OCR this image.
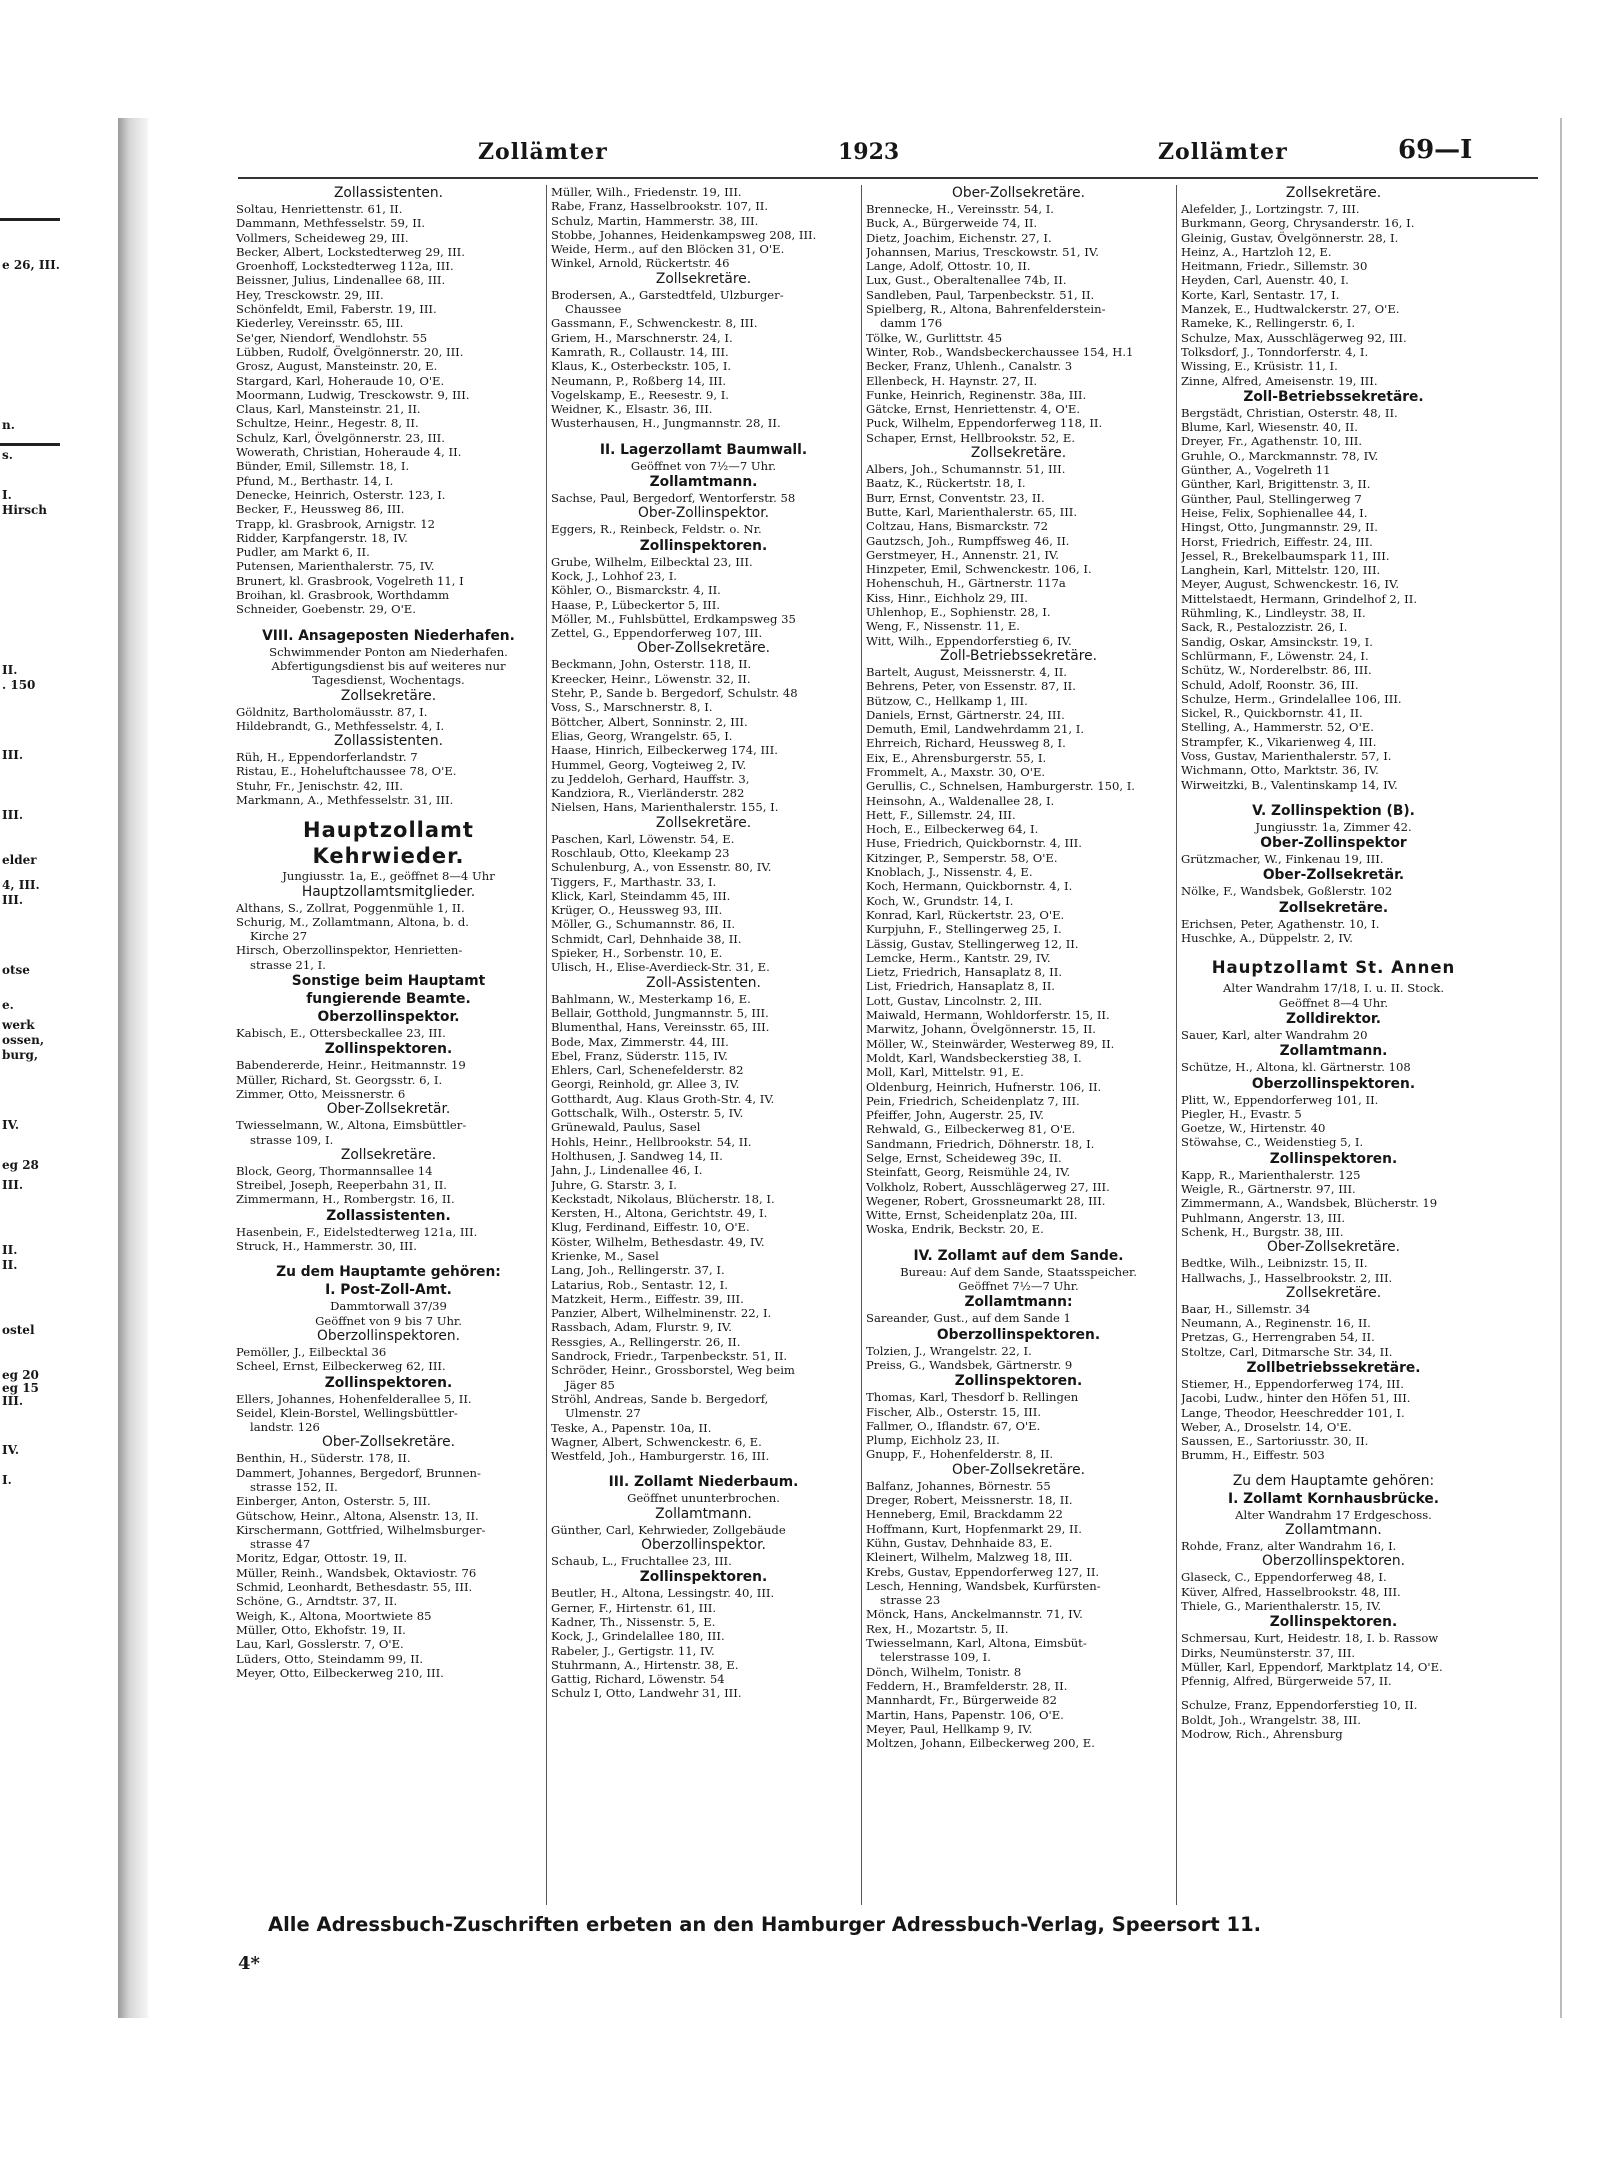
e 26, III.
n.
s.
I.
Hirsch
II.
. 150
III.
III.
elder
4, III.
III.
otse
e.
werk
ossen,
burg,
IV.
eg 28
III.
II.
II.
ostel
eg 20
eg 15
III.
IV.
I.
Zollämter	1923	Zollämter	69—I
Zollassistenten.
Soltau, Henriettenstr. 61, II.
Dammann, Methfesselstr. 59, II.
Vollmers, Scheideweg 29, III.
Becker, Albert, Lockstedterweg 29, III.
Groenhoff, Lockstedterweg 112a, III.
Beissner, Julius, Lindenallee 68, III.
Hey, Tresckowstr. 29, III.
Schönfeldt, Emil, Faberstr. 19, III.
Kiederley, Vereinsstr. 65, III.
Se'ger, Niendorf, Wendlohstr. 55
Lübben, Rudolf, Övelgönnerstr. 20, III.
Grosz, August, Mansteinstr. 20, E.
Stargard, Karl, Hoheraude 10, O'E.
Moormann, Ludwig, Tresckowstr. 9, III.
Claus, Karl, Mansteinstr. 21, II.
Schultze, Heinr., Hegestr. 8, II.
Schulz, Karl, Övelgönnerstr. 23, III.
Wowerath, Christian, Hoheraude 4, II.
Bünder, Emil, Sillemstr. 18, I.
Pfund, M., Berthastr. 14, I.
Denecke, Heinrich, Osterstr. 123, I.
Becker, F., Heussweg 86, III.
Trapp, kl. Grasbrook, Arnigstr. 12
Ridder, Karpfangerstr. 18, IV.
Pudler, am Markt 6, II.
Putensen, Marienthalerstr. 75, IV.
Brunert, kl. Grasbrook, Vogelreth 11, I
Broihan, kl. Grasbrook, Worthdamm
Schneider, Goebenstr. 29, O'E.
VIII. Ansageposten Niederhafen.
Schwimmender Ponton am Niederhafen.
Abfertigungsdienst bis auf weiteres nur
Tagesdienst, Wochentags.
Zollsekretäre.
Göldnitz, Bartholomäusstr. 87, I.
Hildebrandt, G., Methfesselstr. 4, I.
Zollassistenten.
Rüh, H., Eppendorferlandstr. 7
Ristau, E., Hoheluftchaussee 78, O'E.
Stuhr, Fr., Jenischstr. 42, III.
Markmann, A., Methfesselstr. 31, III.
Hauptzollamt
Kehrwieder.
Jungiusstr. 1a, E., geöffnet 8—4 Uhr
Hauptzollamtsmitglieder.
Althans, S., Zollrat, Poggenmühle 1, II.
Schurig, M., Zollamtmann, Altona, b. d.
Kirche 27
Hirsch, Oberzollinspektor, Henrietten-
strasse 21, I.
Sonstige beim Hauptamt
fungierende Beamte.
Oberzollinspektor.
Kabisch, E., Ottersbeckallee 23, III.
Zollinspektoren.
Babendererde, Heinr., Heitmannstr. 19
Müller, Richard, St. Georgsstr. 6, I.
Zimmer, Otto, Meissnerstr. 6
Ober-Zollsekretär.
Twiesselmann, W., Altona, Eimsbüttler-
strasse 109, I.
Zollsekretäre.
Block, Georg, Thormannsallee 14
Streibel, Joseph, Reeperbahn 31, II.
Zimmermann, H., Rombergstr. 16, II.
Zollassistenten.
Hasenbein, F., Eidelstedterweg 121a, III.
Struck, H., Hammerstr. 30, III.
Zu dem Hauptamte gehören:
I. Post-Zoll-Amt.
Dammtorwall 37/39
Geöffnet von 9 bis 7 Uhr.
Oberzollinspektoren.
Pemöller, J., Eilbecktal 36
Scheel, Ernst, Eilbeckerweg 62, III.
Zollinspektoren.
Ellers, Johannes, Hohenfelderallee 5, II.
Seidel, Klein-Borstel, Wellingsbüttler-
landstr. 126
Ober-Zollsekretäre.
Benthin, H., Süderstr. 178, II.
Dammert, Johannes, Bergedorf, Brunnen-
strasse 152, II.
Einberger, Anton, Osterstr. 5, III.
Gütschow, Heinr., Altona, Alsenstr. 13, II.
Kirschermann, Gottfried, Wilhelmsburger-
strasse 47
Moritz, Edgar, Ottostr. 19, II.
Müller, Reinh., Wandsbek, Oktaviostr. 76
Schmid, Leonhardt, Bethesdastr. 55, III.
Schöne, G., Arndtstr. 37, II.
Weigh, K., Altona, Moortwiete 85
Müller, Otto, Ekhofstr. 19, II.
Lau, Karl, Gosslerstr. 7, O'E.
Lüders, Otto, Steindamm 99, II.
Meyer, Otto, Eilbeckerweg 210, III.
Müller, Wilh., Friedenstr. 19, III.
Rabe, Franz, Hasselbrookstr. 107, II.
Schulz, Martin, Hammerstr. 38, III.
Stobbe, Johannes, Heidenkampsweg 208, III.
Weide, Herm., auf den Blöcken 31, O'E.
Winkel, Arnold, Rückertstr. 46
Zollsekretäre.
Brodersen, A., Garstedtfeld, Ulzburger-
Chaussee
Gassmann, F., Schwenckestr. 8, III.
Griem, H., Marschnerstr. 24, I.
Kamrath, R., Collaustr. 14, III.
Klaus, K., Osterbeckstr. 105, I.
Neumann, P., Roßberg 14, III.
Vogelskamp, E., Reesestr. 9, I.
Weidner, K., Elsastr. 36, III.
Wusterhausen, H., Jungmannstr. 28, II.
II. Lagerzollamt Baumwall.
Geöffnet von 7½—7 Uhr.
Zollamtmann.
Sachse, Paul, Bergedorf, Wentorferstr. 58
Ober-Zollinspektor.
Eggers, R., Reinbeck, Feldstr. o. Nr.
Zollinspektoren.
Grube, Wilhelm, Eilbecktal 23, III.
Kock, J., Lohhof 23, I.
Köhler, O., Bismarckstr. 4, II.
Haase, P., Lübeckertor 5, III.
Möller, M., Fuhlsbüttel, Erdkampsweg 35
Zettel, G., Eppendorferweg 107, III.
Ober-Zollsekretäre.
Beckmann, John, Osterstr. 118, II.
Kreecker, Heinr., Löwenstr. 32, II.
Stehr, P., Sande b. Bergedorf, Schulstr. 48
Voss, S., Marschnerstr. 8, I.
Böttcher, Albert, Sonninstr. 2, III.
Elias, Georg, Wrangelstr. 65, I.
Haase, Hinrich, Eilbeckerweg 174, III.
Hummel, Georg, Vogteiweg 2, IV.
zu Jeddeloh, Gerhard, Hauffstr. 3,
Kandziora, R., Vierländerstr. 282
Nielsen, Hans, Marienthalerstr. 155, I.
Zollsekretäre.
Paschen, Karl, Löwenstr. 54, E.
Roschlaub, Otto, Kleekamp 23
Schulenburg, A., von Essenstr. 80, IV.
Tiggers, F., Marthastr. 33, I.
Klick, Karl, Steindamm 45, III.
Krüger, O., Heussweg 93, III.
Möller, G., Schumannstr. 86, II.
Schmidt, Carl, Dehnhaide 38, II.
Spieker, H., Sorbenstr. 10, E.
Ulisch, H., Elise-Averdieck-Str. 31, E.
Zoll-Assistenten.
Bahlmann, W., Mesterkamp 16, E.
Bellair, Gotthold, Jungmannstr. 5, III.
Blumenthal, Hans, Vereinsstr. 65, III.
Bode, Max, Zimmerstr. 44, III.
Ebel, Franz, Süderstr. 115, IV.
Ehlers, Carl, Schenefelderstr. 82
Georgi, Reinhold, gr. Allee 3, IV.
Gotthardt, Aug. Klaus Groth-Str. 4, IV.
Gottschalk, Wilh., Osterstr. 5, IV.
Grünewald, Paulus, Sasel
Hohls, Heinr., Hellbrookstr. 54, II.
Holthusen, J. Sandweg 14, II.
Jahn, J., Lindenallee 46, I.
Juhre, G. Starstr. 3, I.
Keckstadt, Nikolaus, Blücherstr. 18, I.
Kersten, H., Altona, Gerichtstr. 49, I.
Klug, Ferdinand, Eiffestr. 10, O'E.
Köster, Wilhelm, Bethesdastr. 49, IV.
Krienke, M., Sasel
Lang, Joh., Rellingerstr. 37, I.
Latarius, Rob., Sentastr. 12, I.
Matzkeit, Herm., Eiffestr. 39, III.
Panzier, Albert, Wilhelminenstr. 22, I.
Rassbach, Adam, Flurstr. 9, IV.
Ressgies, A., Rellingerstr. 26, II.
Sandrock, Friedr., Tarpenbeckstr. 51, II.
Schröder, Heinr., Grossborstel, Weg beim
Jäger 85
Ströhl, Andreas, Sande b. Bergedorf,
Ulmenstr. 27
Teske, A., Papenstr. 10a, II.
Wagner, Albert, Schwenckestr. 6, E.
Westfeld, Joh., Hamburgerstr. 16, III.
III. Zollamt Niederbaum.
Geöffnet ununterbrochen.
Zollamtmann.
Günther, Carl, Kehrwieder, Zollgebäude
Oberzollinspektor.
Schaub, L., Fruchtallee 23, III.
Zollinspektoren.
Beutler, H., Altona, Lessingstr. 40, III.
Gerner, F., Hirtenstr. 61, III.
Kadner, Th., Nissenstr. 5, E.
Kock, J., Grindelallee 180, III.
Rabeler, J., Gertigstr. 11, IV.
Stuhrmann, A., Hirtenstr. 38, E.
Gattig, Richard, Löwenstr. 54
Schulz I, Otto, Landwehr 31, III.
Ober-Zollsekretäre.
Brennecke, H., Vereinsstr. 54, I.
Buck, A., Bürgerweide 74, II.
Dietz, Joachim, Eichenstr. 27, I.
Johannsen, Marius, Tresckowstr. 51, IV.
Lange, Adolf, Ottostr. 10, II.
Lux, Gust., Oberaltenallee 74b, II.
Sandleben, Paul, Tarpenbeckstr. 51, II.
Spielberg, R., Altona, Bahrenfelderstein-
damm 176
Tölke, W., Gurlittstr. 45
Winter, Rob., Wandsbeckerchaussee 154, H.1
Becker, Franz, Uhlenh., Canalstr. 3
Ellenbeck, H. Haynstr. 27, II.
Funke, Heinrich, Reginenstr. 38a, III.
Gätcke, Ernst, Henriettenstr. 4, O'E.
Puck, Wilhelm, Eppendorferweg 118, II.
Schaper, Ernst, Hellbrookstr. 52, E.
Zollsekretäre.
Albers, Joh., Schumannstr. 51, III.
Baatz, K., Rückertstr. 18, I.
Burr, Ernst, Conventstr. 23, II.
Butte, Karl, Marienthalerstr. 65, III.
Coltzau, Hans, Bismarckstr. 72
Gautzsch, Joh., Rumpffsweg 46, II.
Gerstmeyer, H., Annenstr. 21, IV.
Hinzpeter, Emil, Schwenckestr. 106, I.
Hohenschuh, H., Gärtnerstr. 117a
Kiss, Hinr., Eichholz 29, III.
Uhlenhop, E., Sophienstr. 28, I.
Weng, F., Nissenstr. 11, E.
Witt, Wilh., Eppendorferstieg 6, IV.
Zoll-Betriebssekretäre.
Bartelt, August, Meissnerstr. 4, II.
Behrens, Peter, von Essenstr. 87, II.
Bützow, C., Hellkamp 1, III.
Daniels, Ernst, Gärtnerstr. 24, III.
Demuth, Emil, Landwehrdamm 21, I.
Ehrreich, Richard, Heussweg 8, I.
Eix, E., Ahrensburgerstr. 55, I.
Frommelt, A., Maxstr. 30, O'E.
Gerullis, C., Schnelsen, Hamburgerstr. 150, I.
Heinsohn, A., Waldenallee 28, I.
Hett, F., Sillemstr. 24, III.
Hoch, E., Eilbeckerweg 64, I.
Huse, Friedrich, Quickbornstr. 4, III.
Kitzinger, P., Semperstr. 58, O'E.
Knoblach, J., Nissenstr. 4, E.
Koch, Hermann, Quickbornstr. 4, I.
Koch, W., Grundstr. 14, I.
Konrad, Karl, Rückertstr. 23, O'E.
Kurpjuhn, F., Stellingerweg 25, I.
Lässig, Gustav, Stellingerweg 12, II.
Lemcke, Herm., Kantstr. 29, IV.
Lietz, Friedrich, Hansaplatz 8, II.
List, Friedrich, Hansaplatz 8, II.
Lott, Gustav, Lincolnstr. 2, III.
Maiwald, Hermann, Wohldorferstr. 15, II.
Marwitz, Johann, Övelgönnerstr. 15, II.
Möller, W., Steinwärder, Westerweg 89, II.
Moldt, Karl, Wandsbeckerstieg 38, I.
Moll, Karl, Mittelstr. 91, E.
Oldenburg, Heinrich, Hufnerstr. 106, II.
Pein, Friedrich, Scheidenplatz 7, III.
Pfeiffer, John, Augerstr. 25, IV.
Rehwald, G., Eilbeckerweg 81, O'E.
Sandmann, Friedrich, Döhnerstr. 18, I.
Selge, Ernst, Scheideweg 39c, II.
Steinfatt, Georg, Reismühle 24, IV.
Volkholz, Robert, Ausschlägerweg 27, III.
Wegener, Robert, Grossneumarkt 28, III.
Witte, Ernst, Scheidenplatz 20a, III.
Woska, Endrik, Beckstr. 20, E.
IV. Zollamt auf dem Sande.
Bureau: Auf dem Sande, Staatsspeicher.
Geöffnet 7½—7 Uhr.
Zollamtmann:
Sareander, Gust., auf dem Sande 1
Oberzollinspektoren.
Tolzien, J., Wrangelstr. 22, I.
Preiss, G., Wandsbek, Gärtnerstr. 9
Zollinspektoren.
Thomas, Karl, Thesdorf b. Rellingen
Fischer, Alb., Osterstr. 15, III.
Fallmer, O., Iflandstr. 67, O'E.
Plump, Eichholz 23, II.
Gnupp, F., Hohenfelderstr. 8, II.
Ober-Zollsekretäre.
Balfanz, Johannes, Börnestr. 55
Dreger, Robert, Meissnerstr. 18, II.
Henneberg, Emil, Brackdamm 22
Hoffmann, Kurt, Hopfenmarkt 29, II.
Kühn, Gustav, Dehnhaide 83, E.
Kleinert, Wilhelm, Malzweg 18, III.
Krebs, Gustav, Eppendorferweg 127, II.
Lesch, Henning, Wandsbek, Kurfürsten-
strasse 23
Mönck, Hans, Anckelmannstr. 71, IV.
Rex, H., Mozartstr. 5, II.
Twiesselmann, Karl, Altona, Eimsbüt-
telerstrasse 109, I.
Dönch, Wilhelm, Tonistr. 8
Feddern, H., Bramfelderstr. 28, II.
Mannhardt, Fr., Bürgerweide 82
Martin, Hans, Papenstr. 106, O'E.
Meyer, Paul, Hellkamp 9, IV.
Moltzen, Johann, Eilbeckerweg 200, E.
Zollsekretäre.
Alefelder, J., Lortzingstr. 7, III.
Burkmann, Georg, Chrysanderstr. 16, I.
Gleinig, Gustav, Övelgönnerstr. 28, I.
Heinz, A., Hartzloh 12, E.
Heitmann, Friedr., Sillemstr. 30
Heyden, Carl, Auenstr. 40, I.
Korte, Karl, Sentastr. 17, I.
Manzek, E., Hudtwalckerstr. 27, O'E.
Rameke, K., Rellingerstr. 6, I.
Schulze, Max, Ausschlägerweg 92, III.
Tolksdorf, J., Tonndorferstr. 4, I.
Wissing, E., Krüsistr. 11, I.
Zinne, Alfred, Ameisenstr. 19, III.
Zoll-Betriebssekretäre.
Bergstädt, Christian, Osterstr. 48, II.
Blume, Karl, Wiesenstr. 40, II.
Dreyer, Fr., Agathenstr. 10, III.
Gruhle, O., Marckmannstr. 78, IV.
Günther, A., Vogelreth 11
Günther, Karl, Brigittenstr. 3, II.
Günther, Paul, Stellingerweg 7
Heise, Felix, Sophienallee 44, I.
Hingst, Otto, Jungmannstr. 29, II.
Horst, Friedrich, Eiffestr. 24, III.
Jessel, R., Brekelbaumspark 11, III.
Langhein, Karl, Mittelstr. 120, III.
Meyer, August, Schwenckestr. 16, IV.
Mittelstaedt, Hermann, Grindelhof 2, II.
Rühmling, K., Lindleystr. 38, II.
Sack, R., Pestalozzistr. 26, I.
Sandig, Oskar, Amsinckstr. 19, I.
Schlürmann, F., Löwenstr. 24, I.
Schütz, W., Norderelbstr. 86, III.
Schuld, Adolf, Roonstr. 36, III.
Schulze, Herm., Grindelallee 106, III.
Sickel, R., Quickbornstr. 41, II.
Stelling, A., Hammerstr. 52, O'E.
Strampfer, K., Vikarienweg 4, III.
Voss, Gustav, Marienthalerstr. 57, I.
Wichmann, Otto, Marktstr. 36, IV.
Wirweitzki, B., Valentinskamp 14, IV.
V. Zollinspektion (B).
Jungiusstr. 1a, Zimmer 42.
Ober-Zollinspektor
Grützmacher, W., Finkenau 19, III.
Ober-Zollsekretär.
Nölke, F., Wandsbek, Goßlerstr. 102
Zollsekretäre.
Erichsen, Peter, Agathenstr. 10, I.
Huschke, A., Düppelstr. 2, IV.
Hauptzollamt St. Annen
Alter Wandrahm 17/18, I. u. II. Stock.
Geöffnet 8—4 Uhr.
Zolldirektor.
Sauer, Karl, alter Wandrahm 20
Zollamtmann.
Schütze, H., Altona, kl. Gärtnerstr. 108
Oberzollinspektoren.
Plitt, W., Eppendorferweg 101, II.
Piegler, H., Evastr. 5
Goetze, W., Hirtenstr. 40
Stöwahse, C., Weidenstieg 5, I.
Zollinspektoren.
Kapp, R., Marienthalerstr. 125
Weigle, R., Gärtnerstr. 97, III.
Zimmermann, A., Wandsbek, Blücherstr. 19
Puhlmann, Angerstr. 13, III.
Schenk, H., Burgstr. 38, III.
Ober-Zollsekretäre.
Bedtke, Wilh., Leibnizstr. 15, II.
Hallwachs, J., Hasselbrookstr. 2, III.
Zollsekretäre.
Baar, H., Sillemstr. 34
Neumann, A., Reginenstr. 16, II.
Pretzas, G., Herrengraben 54, II.
Stoltze, Carl, Ditmarsche Str. 34, II.
Zollbetriebssekretäre.
Stiemer, H., Eppendorferweg 174, III.
Jacobi, Ludw., hinter den Höfen 51, III.
Lange, Theodor, Heeschredder 101, I.
Weber, A., Droselstr. 14, O'E.
Saussen, E., Sartoriusstr. 30, II.
Brumm, H., Eiffestr. 503
Zu dem Hauptamte gehören:
I. Zollamt Kornhausbrücke.
Alter Wandrahm 17 Erdgeschoss.
Zollamtmann.
Rohde, Franz, alter Wandrahm 16, I.
Oberzollinspektoren.
Glaseck, C., Eppendorferweg 48, I.
Küver, Alfred, Hasselbrookstr. 48, III.
Thiele, G., Marienthalerstr. 15, IV.
Zollinspektoren.
Schmersau, Kurt, Heidestr. 18, I. b. Rassow
Dirks, Neumünsterstr. 37, III.
Müller, Karl, Eppendorf, Marktplatz 14, O'E.
Pfennig, Alfred, Bürgerweide 57, II.
Schulze, Franz, Eppendorferstieg 10, II.
Boldt, Joh., Wrangelstr. 38, III.
Modrow, Rich., Ahrensburg
Alle Adressbuch-Zuschriften erbeten an den Hamburger Adressbuch-Verlag, Speersort 11.
4*
